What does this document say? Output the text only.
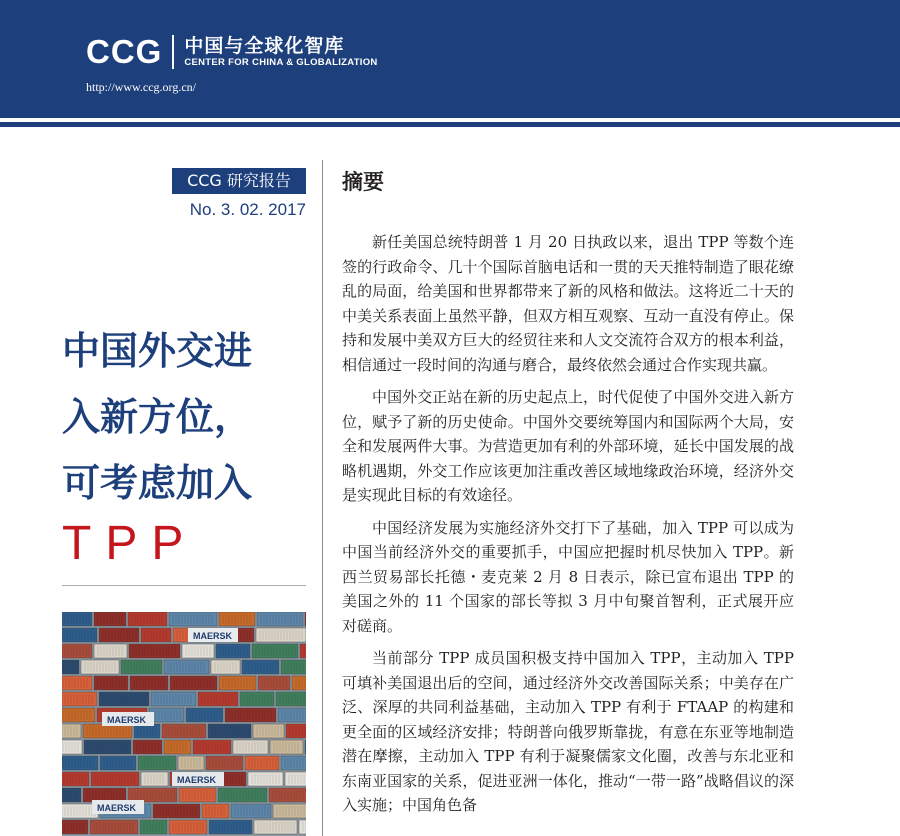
CCG 中国与全球化智库
CENTER FOR CHINA & GLOBALIZATION
http://www.ccg.org.cn/
CCG 研究报告
No. 3. 02. 2017
中国外交进
入新方位，
可考虑加入
TPP
MAERSK
MAERSK
MAERSK
MAERSK
摘要

新任美国总统特朗普 1 月 20 日执政以来，退出 TPP 等数个连签的行政命令、几十个国际首脑电话和一贯的天天推特制造了眼花缭乱的局面，给美国和世界都带来了新的风格和做法。这将近二十天的中美关系表面上虽然平静，但双方相互观察、互动一直没有停止。保持和发展中美双方巨大的经贸往来和人文交流符合双方的根本利益，相信通过一段时间的沟通与磨合，最终依然会通过合作实现共赢。

中国外交正站在新的历史起点上，时代促使了中国外交进入新方位，赋予了新的历史使命。中国外交要统筹国内和国际两个大局，安全和发展两件大事。为营造更加有利的外部环境，延长中国发展的战略机遇期，外交工作应该更加注重改善区域地缘政治环境，经济外交是实现此目标的有效途径。

中国经济发展为实施经济外交打下了基础，加入 TPP 可以成为中国当前经济外交的重要抓手，中国应把握时机尽快加入 TPP。新西兰贸易部长托德・麦克莱 2 月 8 日表示，除已宣布退出 TPP 的美国之外的 11 个国家的部长等拟 3 月中旬聚首智利，正式展开应对磋商。

当前部分 TPP 成员国积极支持中国加入 TPP，主动加入 TPP 可填补美国退出后的空间，通过经济外交改善国际关系；中美存在广泛、深厚的共同利益基础，主动加入 TPP 有利于 FTAAP 的构建和更全面的区域经济安排；特朗普向俄罗斯靠拢，有意在东亚等地制造潜在摩擦，主动加入 TPP 有利于凝聚儒家文化圈，改善与东北亚和东南亚国家的关系，促进亚洲一体化，推动“一带一路”战略倡议的深入实施；中国角色备
